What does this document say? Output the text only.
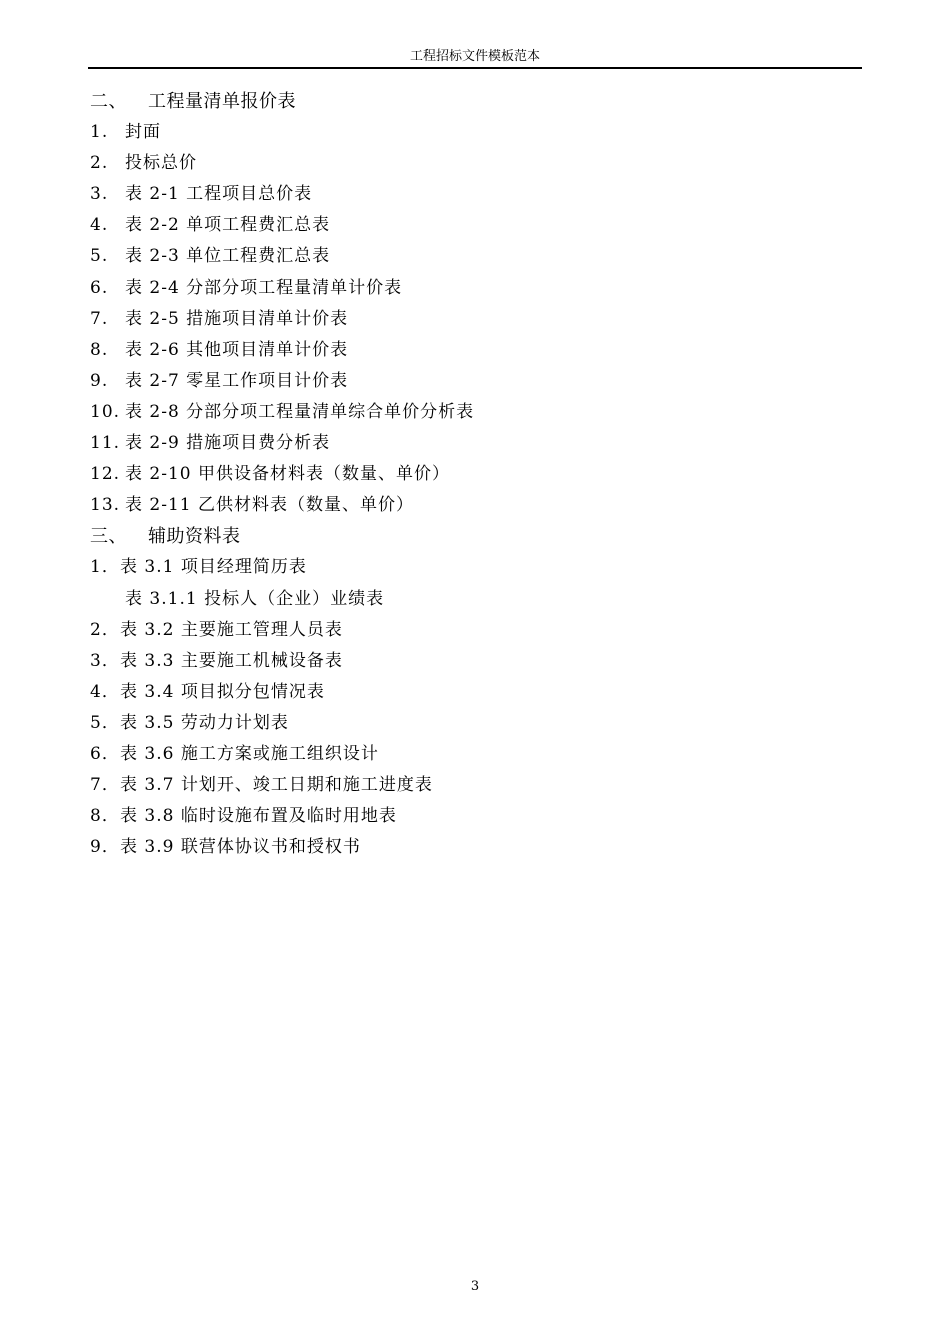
工程招标文件模板范本
二、 工程量清单报价表
1. 封面
2. 投标总价
3. 表 2-1 工程项目总价表
4. 表 2-2 单项工程费汇总表
5. 表 2-3 单位工程费汇总表
6. 表 2-4 分部分项工程量清单计价表
7. 表 2-5 措施项目清单计价表
8. 表 2-6 其他项目清单计价表
9. 表 2-7 零星工作项目计价表
10. 表 2-8 分部分项工程量清单综合单价分析表
11. 表 2-9 措施项目费分析表
12. 表 2-10 甲供设备材料表（数量、单价）
13. 表 2-11 乙供材料表（数量、单价）
三、 辅助资料表
1．表 3.1 项目经理简历表
表 3.1.1 投标人（企业）业绩表
2．表 3.2 主要施工管理人员表
3．表 3.3 主要施工机械设备表
4．表 3.4 项目拟分包情况表
5．表 3.5 劳动力计划表
6．表 3.6 施工方案或施工组织设计
7．表 3.7 计划开、竣工日期和施工进度表
8．表 3.8 临时设施布置及临时用地表
9．表 3.9 联营体协议书和授权书
3
